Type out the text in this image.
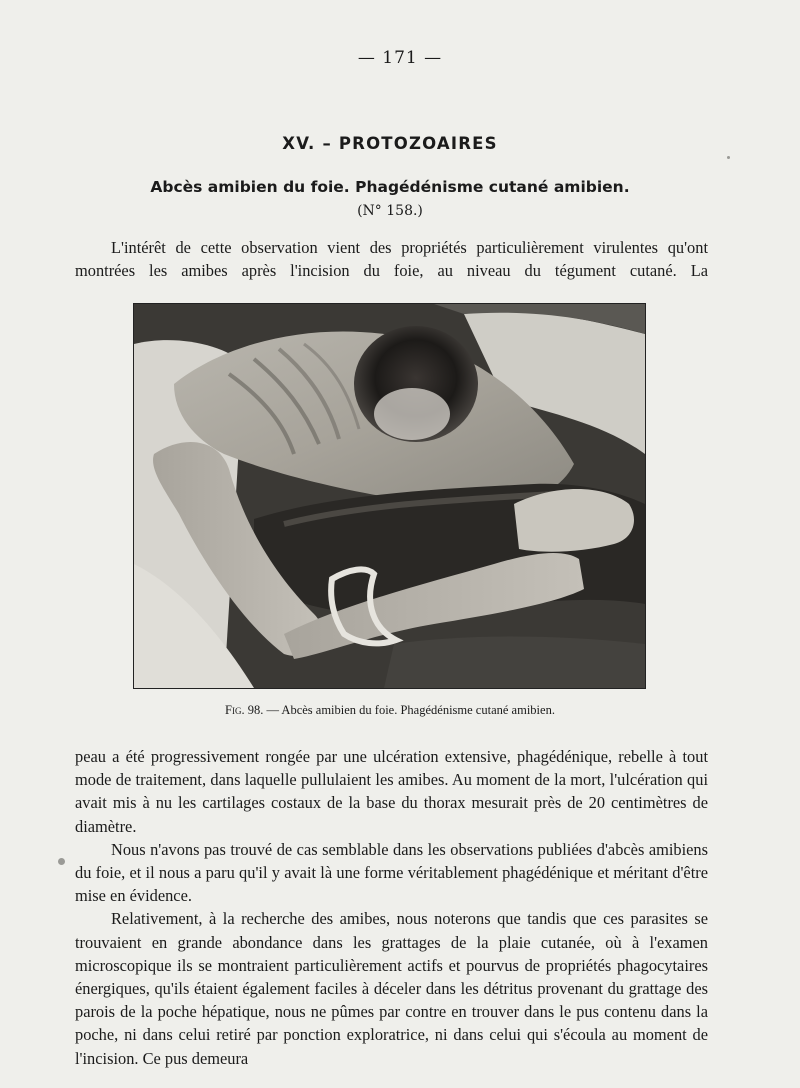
— 171 —
XV. – PROTOZOAIRES
Abcès amibien du foie. Phagédénisme cutané amibien.
(N° 158.)

L'intérêt de cette observation vient des propriétés particulièrement virulentes qu'ont montrées les amibes après l'incision du foie, au niveau du tégument cutané. La

Fig. 98. — Abcès amibien du foie. Phagédénisme cutané amibien.

peau a été progressivement rongée par une ulcération extensive, phagédénique, rebelle à tout mode de traitement, dans laquelle pullulaient les amibes. Au moment de la mort, l'ulcération qui avait mis à nu les cartilages costaux de la base du thorax mesurait près de 20 centimètres de diamètre.

Nous n'avons pas trouvé de cas semblable dans les observations publiées d'abcès amibiens du foie, et il nous a paru qu'il y avait là une forme véritablement phagédénique et méritant d'être mise en évidence.

Relativement, à la recherche des amibes, nous noterons que tandis que ces parasites se trouvaient en grande abondance dans les grattages de la plaie cutanée, où à l'examen microscopique ils se montraient particulièrement actifs et pourvus de propriétés phagocytaires énergiques, qu'ils étaient également faciles à déceler dans les détritus provenant du grattage des parois de la poche hépatique, nous ne pûmes par contre en trouver dans le pus contenu dans la poche, ni dans celui retiré par ponction exploratrice, ni dans celui qui s'écoula au moment de l'incision. Ce pus demeura
